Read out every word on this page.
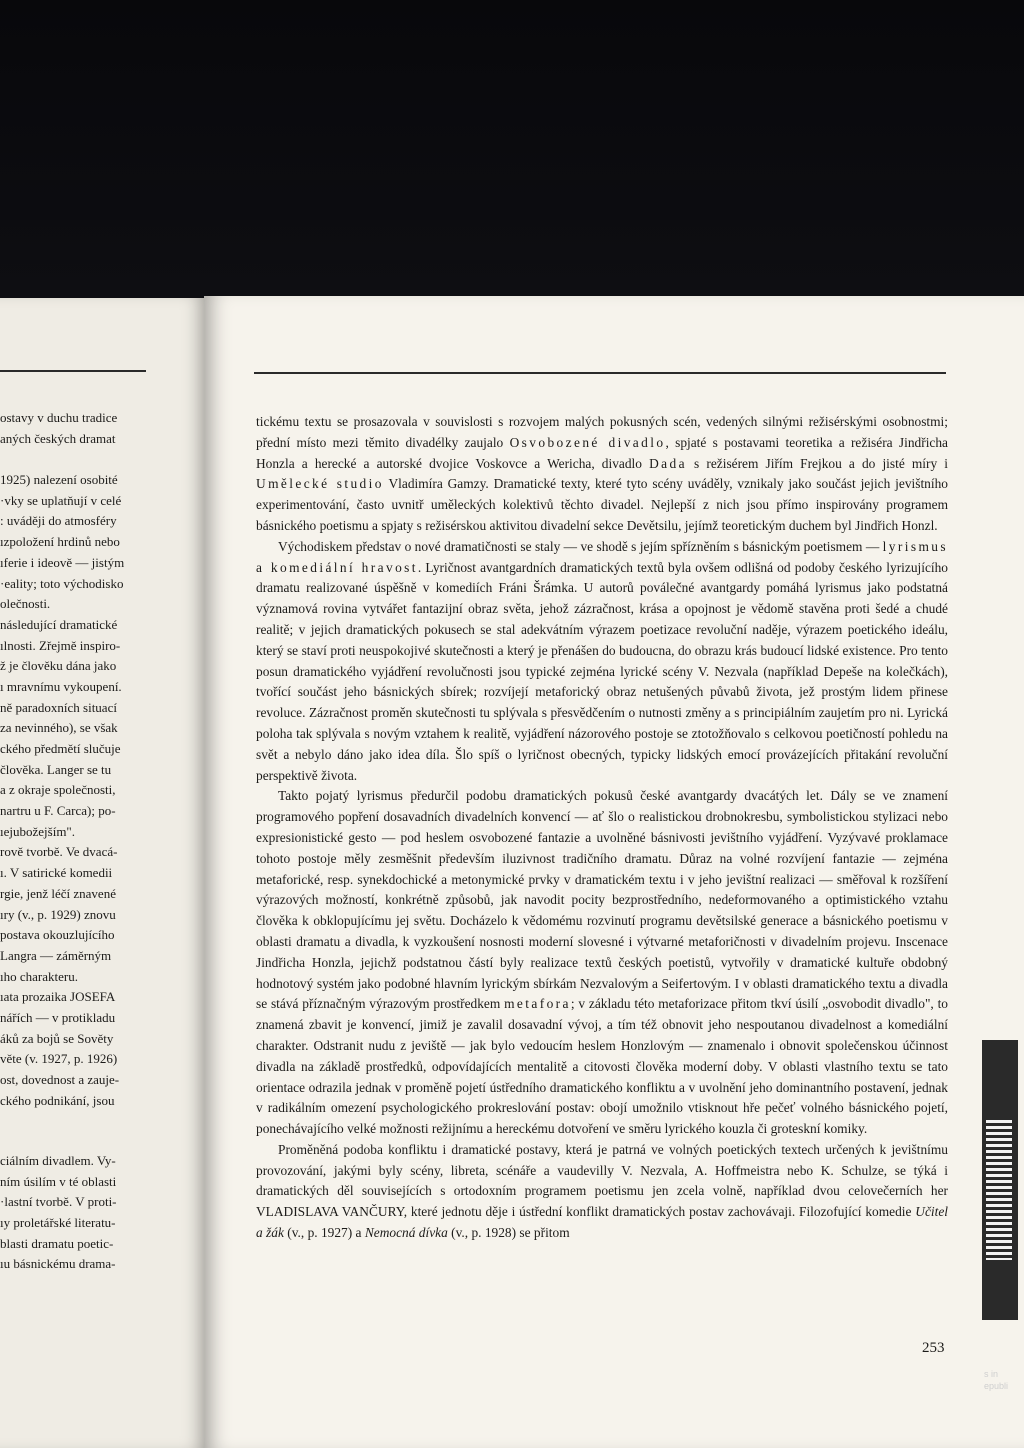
ostavy v duchu tradice
aných českých dramat
1925) nalezení osobité
·vky se uplatňují v celé
: uváději do atmosféry
ızpoložení hrdinů nebo
ıferie i ideově — jistým
·eality; toto východisko
olečnosti.
následující dramatické
ılnosti. Zřejmě inspiro-
ž je člověku dána jako
ı mravnímu vykoupení.
ně paradoxních situací
za nevinného), se však
ckého předmětí slučuje
člověka. Langer se tu
a z okraje společnosti,
nartru u F. Carca); po-
ıejubožejším".
rově tvorbě. Ve dvacá-
ı. V satirické komedii
rgie, jenž léčí znavené
ıry (v., p. 1929) znovu
postava okouzlujícího
Langra — záměrným
ıho charakteru.
ıata prozaika JOSEFA
nářích — v protikladu
áků za bojů se Sověty
věte (v. 1927, p. 1926)
ost, dovednost a zauje-
ckého podnikání, jsou
ciálním divadlem. Vy-
ním úsilím v té oblasti
·lastní tvorbě. V proti-
ıy proletářské literatu-
blasti dramatu poetic-
ıu básnickému drama-

tickému textu se prosazovala v souvislosti s rozvojem malých pokusných scén, vedených silnými režisérskými osobnostmi; přední místo mezi těmito divadélky zaujalo Osvobozené divadlo, spjaté s postavami teoretika a režiséra Jindřicha Honzla a herecké a autorské dvojice Voskovce a Wericha, divadlo Dada s režisérem Jiřím Frejkou a do jisté míry i Umělecké studio Vladimíra Gamzy. Dramatické texty, které tyto scény uváděly, vznikaly jako součást jejich jevištního experimentování, často uvnitř uměleckých kolektivů těchto divadel. Nejlepší z nich jsou přímo inspirovány programem básnického poetismu a spjaty s režisérskou aktivitou divadelní sekce Devětsilu, jejímž teoretickým duchem byl Jindřich Honzl.

Východiskem představ o nové dramatičnosti se staly — ve shodě s jejím spřízněním s básnickým poetismem — lyrismus a komediální hravost. Lyričnost avantgardních dramatických textů byla ovšem odlišná od podoby českého lyrizujícího dramatu realizované úspěšně v komediích Fráni Šrámka. U autorů poválečné avantgardy pomáhá lyrismus jako podstatná významová rovina vytvářet fantazijní obraz světa, jehož zázračnost, krása a opojnost je vědomě stavěna proti šedé a chudé realitě; v jejich dramatických pokusech se stal adekvátním výrazem poetizace revoluční naděje, výrazem poetického ideálu, který se staví proti neuspokojivé skutečnosti a který je přenášen do budoucna, do obrazu krás budoucí lidské existence. Pro tento posun dramatického vyjádření revolučnosti jsou typické zejména lyrické scény V. Nezvala (například Depeše na kolečkách), tvořící součást jeho básnických sbírek; rozvíjejí metaforický obraz netušených půvabů života, jež prostým lidem přinese revoluce. Zázračnost proměn skutečnosti tu splývala s přesvědčením o nutnosti změny a s principiálním zaujetím pro ni. Lyrická poloha tak splývala s novým vztahem k realitě, vyjádření názorového postoje se ztotožňovalo s celkovou poetičností pohledu na svět a nebylo dáno jako idea díla. Šlo spíš o lyričnost obecných, typicky lidských emocí provázejících přitakání revoluční perspektivě života.

Takto pojatý lyrismus předurčil podobu dramatických pokusů české avantgardy dvacátých let. Dály se ve znamení programového popření dosavadních divadelních konvencí — ať šlo o realistickou drobnokresbu, symbolistickou stylizaci nebo expresionistické gesto — pod heslem osvobozené fantazie a uvolněné básnivosti jevištního vyjádření. Vyzývavé proklamace tohoto postoje měly zesměšnit především iluzivnost tradičního dramatu. Důraz na volné rozvíjení fantazie — zejména metaforické, resp. synekdochické a metonymické prvky v dramatickém textu i v jeho jevištní realizaci — směřoval k rozšíření výrazových možností, konkrétně způsobů, jak navodit pocity bezprostředního, nedeformovaného a optimistického vztahu člověka k obklopujícímu jej světu. Docházelo k vědomému rozvinutí programu devětsilské generace a básnického poetismu v oblasti dramatu a divadla, k vyzkoušení nosnosti moderní slovesné i výtvarné metaforičnosti v divadelním projevu. Inscenace Jindřicha Honzla, jejichž podstatnou částí byly realizace textů českých poetistů, vytvořily v dramatické kultuře obdobný hodnotový systém jako podobné hlavním lyrickým sbírkám Nezvalovým a Seifertovým. I v oblasti dramatického textu a divadla se stává příznačným výrazovým prostředkem metafora; v základu této metaforizace přitom tkví úsilí „osvobodit divadlo", to znamená zbavit je konvencí, jimiž je zavalil dosavadní vývoj, a tím též obnovit jeho nespoutanou divadelnost a komediální charakter. Odstranit nudu z jeviště — jak bylo vedoucím heslem Honzlovým — znamenalo i obnovit společenskou účinnost divadla na základě prostředků, odpovídajících mentalitě a citovosti člověka moderní doby. V oblasti vlastního textu se tato orientace odrazila jednak v proměně pojetí ústředního dramatického konfliktu a v uvolnění jeho dominantního postavení, jednak v radikálním omezení psychologického prokreslování postav: obojí umožnilo vtisknout hře pečeť volného básnického pojetí, ponechávajícího velké možnosti režijnímu a hereckému dotvoření ve směru lyrického kouzla či groteskní komiky.

Proměněná podoba konfliktu i dramatické postavy, která je patrná ve volných poetických textech určených k jevištnímu provozování, jakými byly scény, libreta, scénáře a vaudevilly V. Nezvala, A. Hoffmeistra nebo K. Schulze, se týká i dramatických děl souvisejících s ortodoxním programem poetismu jen zcela volně, například dvou celovečerních her VLADISLAVA VANČURY, které jednotu děje i ústřední konflikt dramatických postav zachovávaji. Filozofující komedie Učitel a žák (v., p. 1927) a Nemocná dívka (v., p. 1928) se přitom

253
s in
epubli
